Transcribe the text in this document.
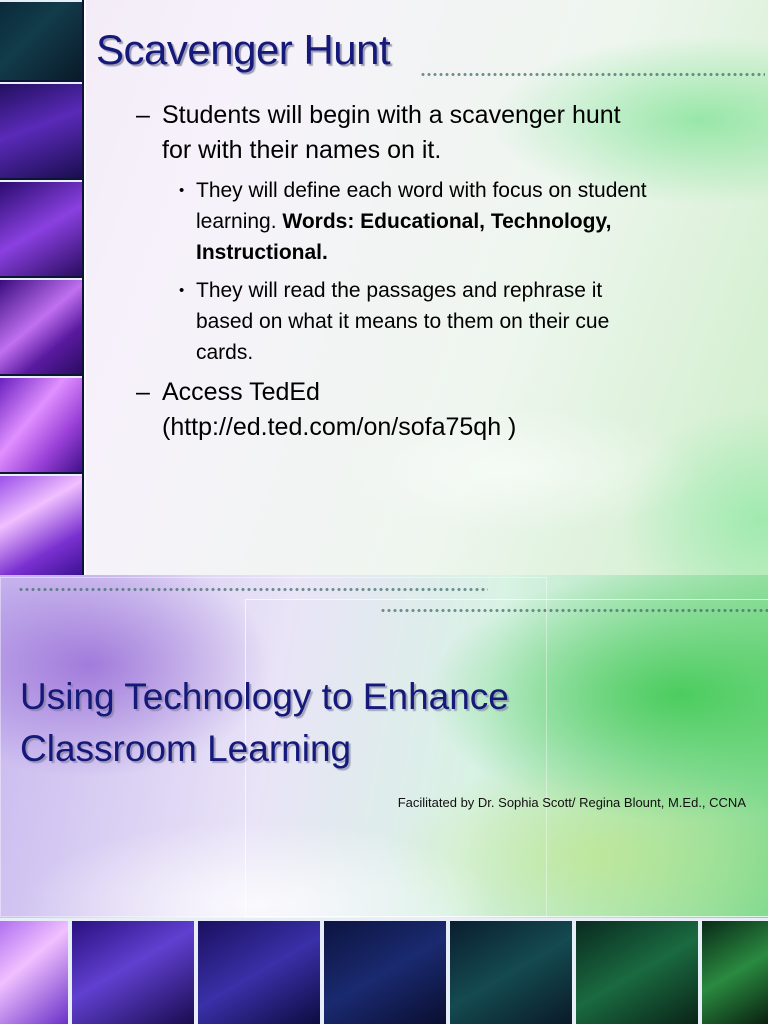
Scavenger Hunt
– Students will begin with a scavenger hunt
for with their names on it.
• They will define each word with focus on student
learning. Words: Educational, Technology,
Instructional.
• They will read the passages and rephrase it
based on what it means to them on their cue
cards.
– Access TedEd
(http://ed.ted.com/on/sofa75qh )
Using Technology to Enhance
Classroom Learning
Facilitated by Dr. Sophia Scott/ Regina Blount, M.Ed., CCNA
